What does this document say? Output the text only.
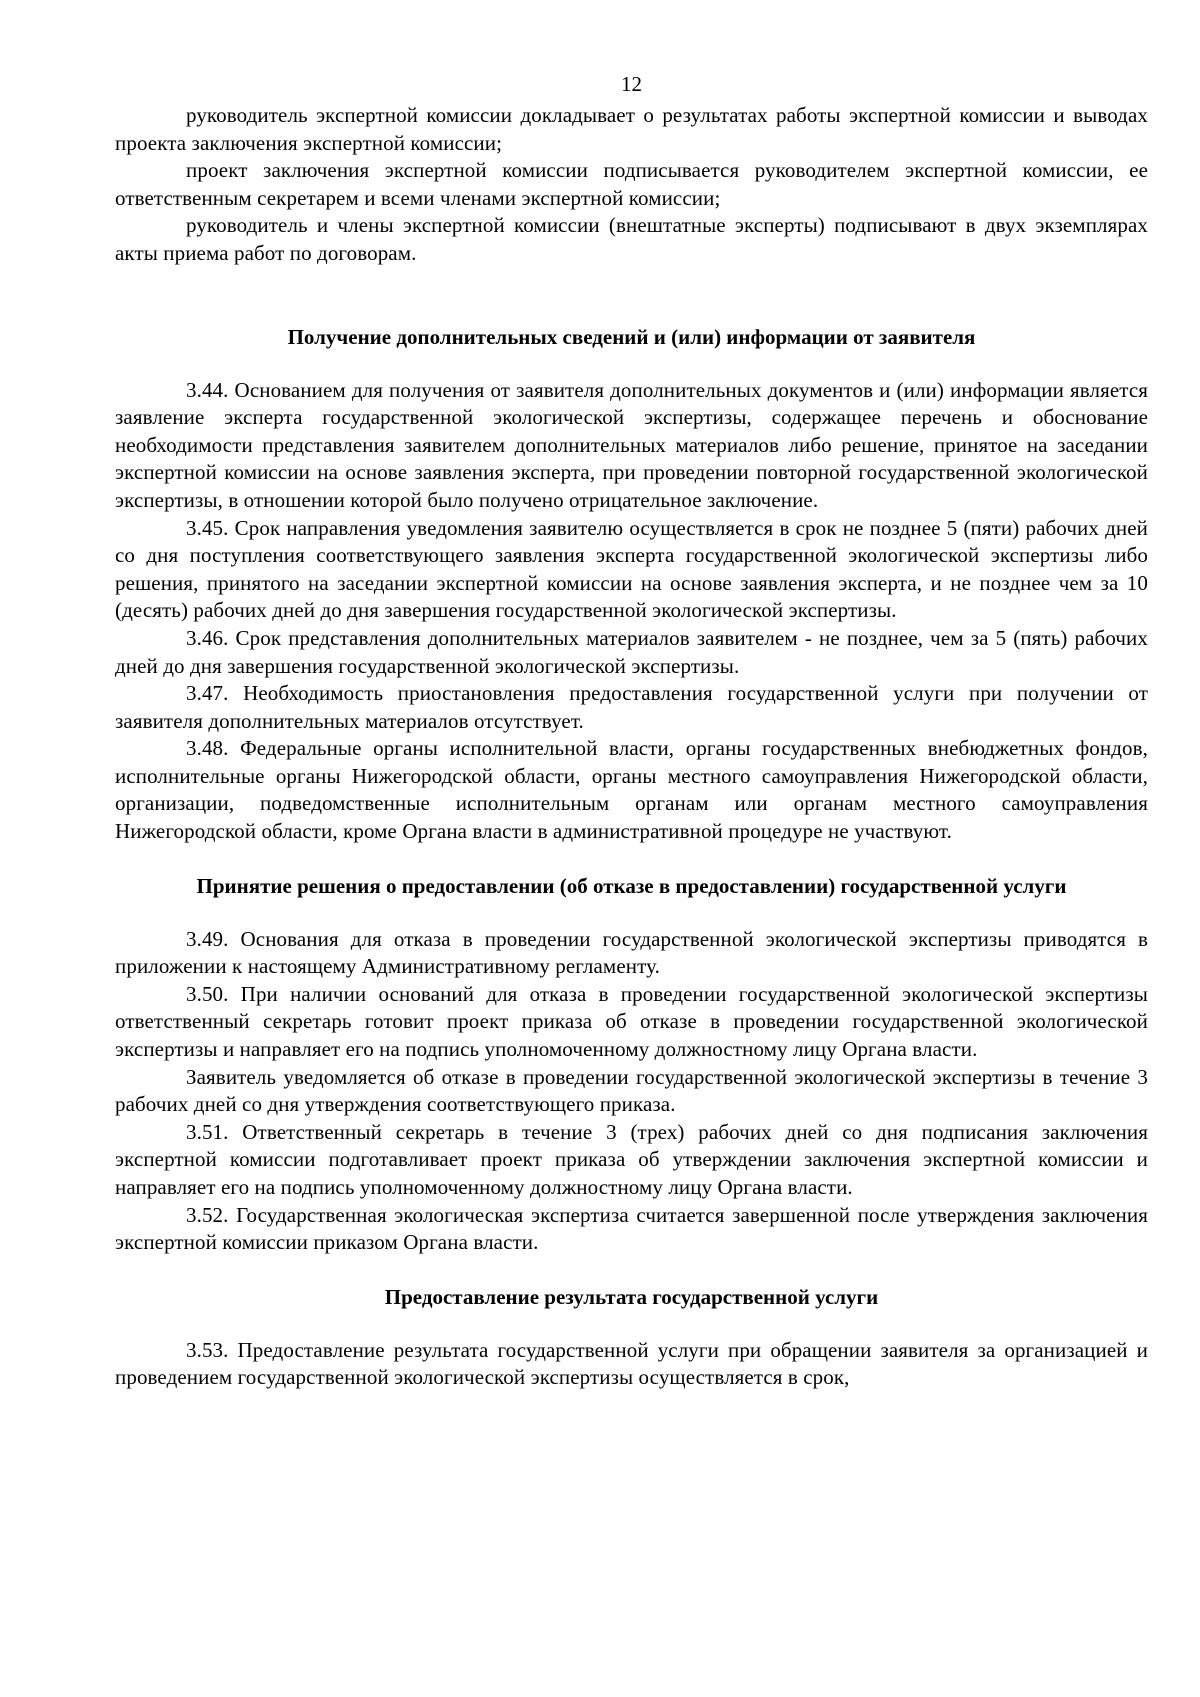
12

руководитель экспертной комиссии докладывает о результатах работы экспертной комиссии и выводах проекта заключения экспертной комиссии;

проект заключения экспертной комиссии подписывается руководителем экспертной комиссии, ее ответственным секретарем и всеми членами экспертной комиссии;

руководитель и члены экспертной комиссии (внештатные эксперты) подписывают в двух экземплярах акты приема работ по договорам.

Получение дополнительных сведений и (или) информации от заявителя

3.44. Основанием для получения от заявителя дополнительных документов и (или) информации является заявление эксперта государственной экологической экспертизы, содержащее перечень и обоснование необходимости представления заявителем дополнительных материалов либо решение, принятое на заседании экспертной комиссии на основе заявления эксперта, при проведении повторной государственной экологической экспертизы, в отношении которой было получено отрицательное заключение.

3.45. Срок направления уведомления заявителю осуществляется в срок не позднее 5 (пяти) рабочих дней со дня поступления соответствующего заявления эксперта государственной экологической экспертизы либо решения, принятого на заседании экспертной комиссии на основе заявления эксперта, и не позднее чем за 10 (десять) рабочих дней до дня завершения государственной экологической экспертизы.

3.46. Срок представления дополнительных материалов заявителем - не позднее, чем за 5 (пять) рабочих дней до дня завершения государственной экологической экспертизы.

3.47. Необходимость приостановления предоставления государственной услуги при получении от заявителя дополнительных материалов отсутствует.

3.48. Федеральные органы исполнительной власти, органы государственных внебюджетных фондов, исполнительные органы Нижегородской области, органы местного самоуправления Нижегородской области, организации, подведомственные исполнительным органам или органам местного самоуправления Нижегородской области, кроме Органа власти в административной процедуре не участвуют.

Принятие решения о предоставлении (об отказе в предоставлении) государственной услуги

3.49. Основания для отказа в проведении государственной экологической экспертизы приводятся в приложении к настоящему Административному регламенту.

3.50. При наличии оснований для отказа в проведении государственной экологической экспертизы ответственный секретарь готовит проект приказа об отказе в проведении государственной экологической экспертизы и направляет его на подпись уполномоченному должностному лицу Органа власти.

Заявитель уведомляется об отказе в проведении государственной экологической экспертизы в течение 3 рабочих дней со дня утверждения соответствующего приказа.

3.51. Ответственный секретарь в течение 3 (трех) рабочих дней со дня подписания заключения экспертной комиссии подготавливает проект приказа об утверждении заключения экспертной комиссии и направляет его на подпись уполномоченному должностному лицу Органа власти.

3.52. Государственная экологическая экспертиза считается завершенной после утверждения заключения экспертной комиссии приказом Органа власти.

Предоставление результата государственной услуги

3.53. Предоставление результата государственной услуги при обращении заявителя за организацией и проведением государственной экологической экспертизы осуществляется в срок,
